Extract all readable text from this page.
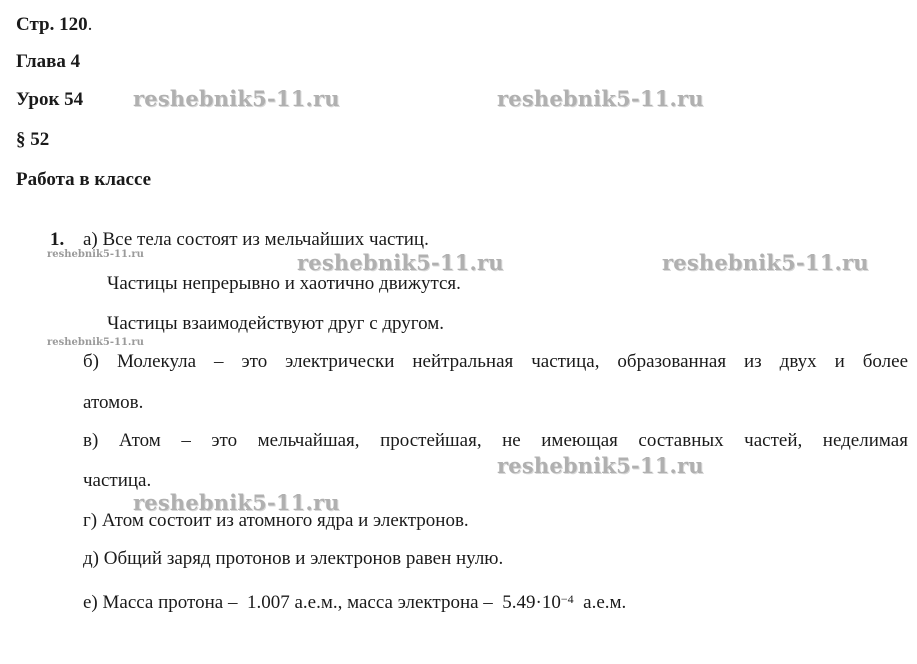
Стр. 120.
Глава 4
Урок 54
§ 52
Работа в классе
reshebnik5-11.ru	reshebnik5-11.ru
reshebnik5-11.ru	reshebnik5-11.ru
reshebnik5-11.ru
reshebnik5-11.ru
reshebnik5-11.ru
reshebnik5-11.ru
1. а) Все тела состоят из мельчайших частиц.
Частицы непрерывно и хаотично движутся.
Частицы взаимодействуют друг с другом.
б) Молекула – это электрически нейтральная частица, образованная из двух и более
атомов.
в) Атом – это мельчайшая, простейшая, не имеющая составных частей, неделимая
частица.
г) Атом состоит из атомного ядра и электронов.
д) Общий заряд протонов и электронов равен нулю.
е) Масса протона – 1.007 а.е.м., масса электрона – $5.49\cdot 10^{-4}$ а.е.м.
